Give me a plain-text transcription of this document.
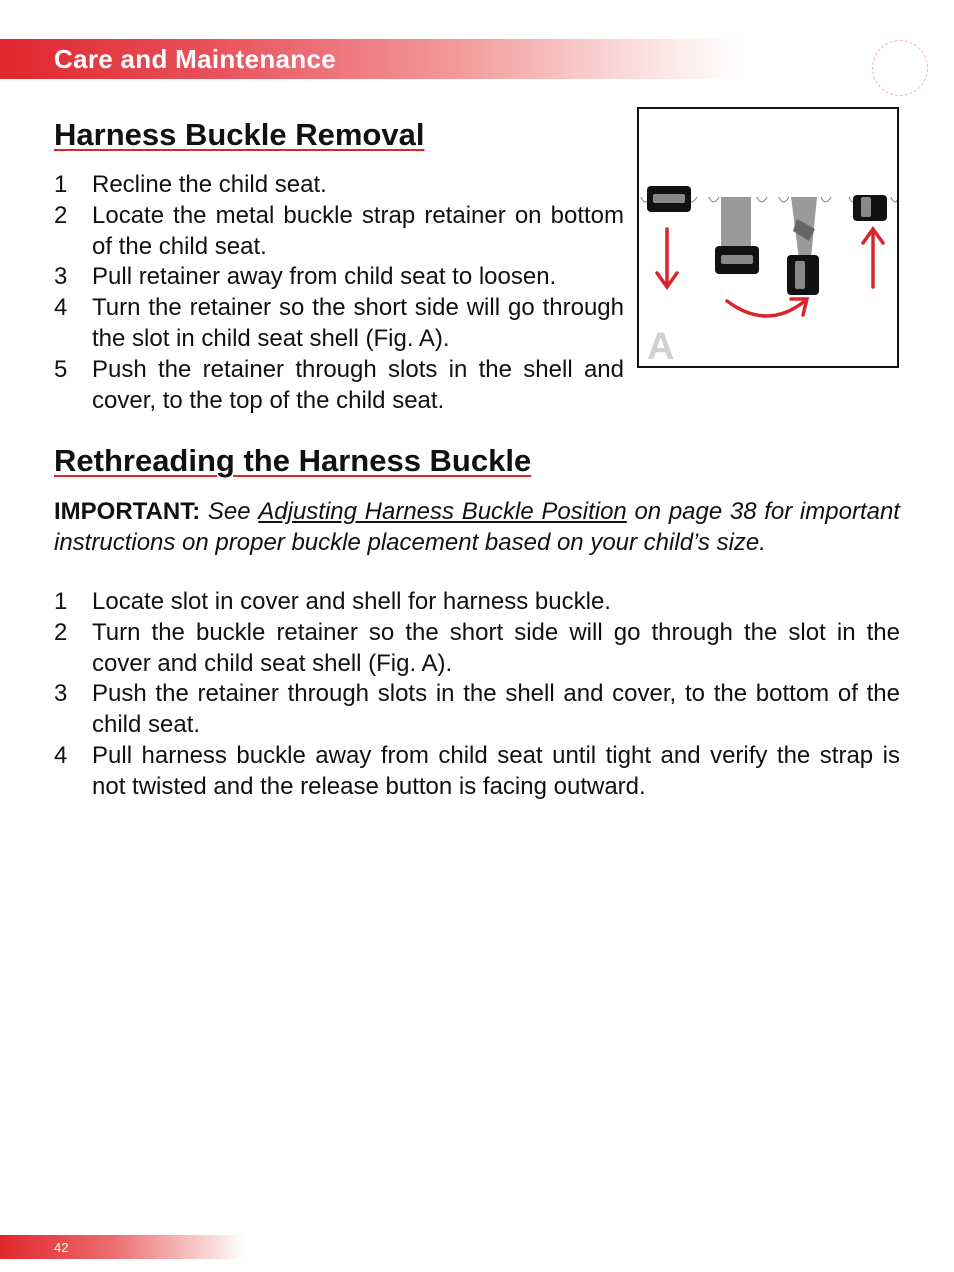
Care and Maintenance
Harness Buckle Removal
1 Recline the child seat.
2 Locate the metal buckle strap retainer on bottom of the child seat.
3 Pull retainer away from child seat to loosen.
4 Turn the retainer so the short side will go through the slot in child seat shell (Fig. A).
5 Push the retainer through slots in the shell and cover, to the top of the child seat.
A
Rethreading the Harness Buckle
IMPORTANT: See Adjusting Harness Buckle Position on page 38 for important instructions on proper buckle placement based on your child’s size.
1 Locate slot in cover and shell for harness buckle.
2 Turn the buckle retainer so the short side will go through the slot in the cover and child seat shell (Fig. A).
3 Push the retainer through slots in the shell and cover, to the bottom of the child seat.
4 Pull harness buckle away from child seat until tight and verify the strap is not twisted and the release button is facing outward.
42
